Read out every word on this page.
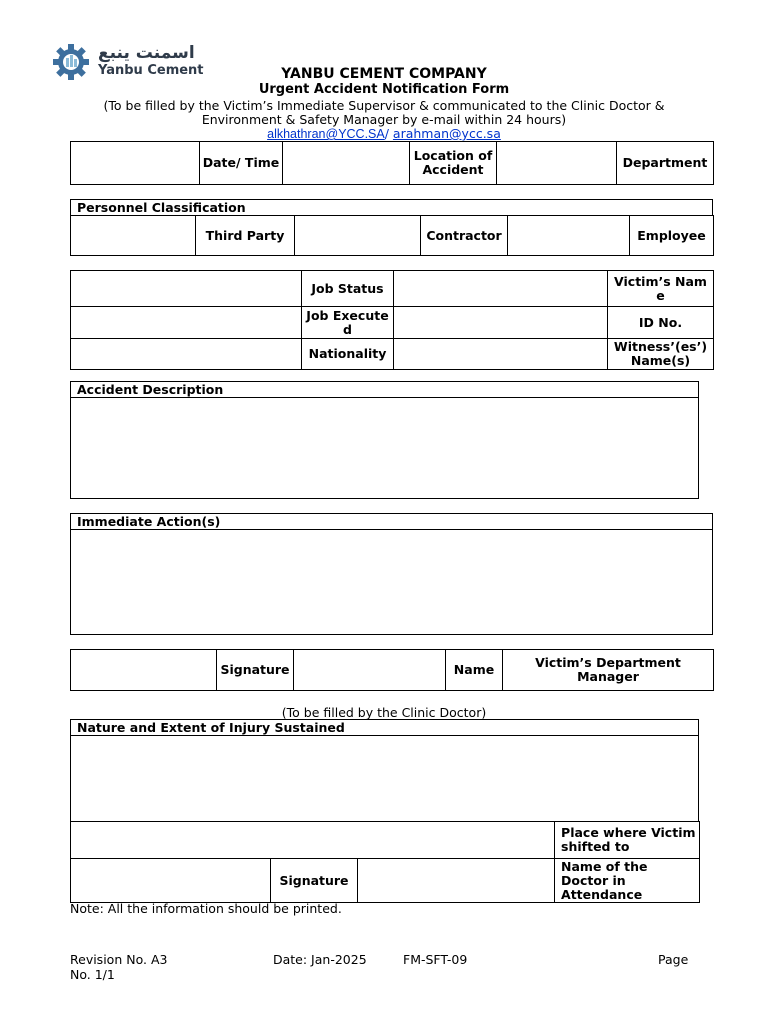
اسمنت ينبع
Yanbu Cement	YANBU CEMENT COMPANY
Urgent Accident Notification Form
(To be filled by the Victim’s Immediate Supervisor & communicated to the Clinic Doctor &
Environment & Safety Manager by e-mail within 24 hours)
alkhathran@YCC.SA/ arahman@ycc.sa
	Date/ Time		Location of Accident		Department
Personnel Classification
	Third Party		Contractor		Employee
	Job Status		Victim’s Name
	Job Executed		ID No.
	Nationality		Witness’(es’) Name(s)
Accident Description
Immediate Action(s)
	Signature		Name	Victim’s Department Manager
(To be filled by the Clinic Doctor)
Nature and Extent of Injury Sustained
			Place where Victim shifted to
	Signature		Name of the Doctor in Attendance
Note: All the information should be printed.
Revision No. A3	Date: Jan-2025	FM-SFT-09	Page
No. 1/1
